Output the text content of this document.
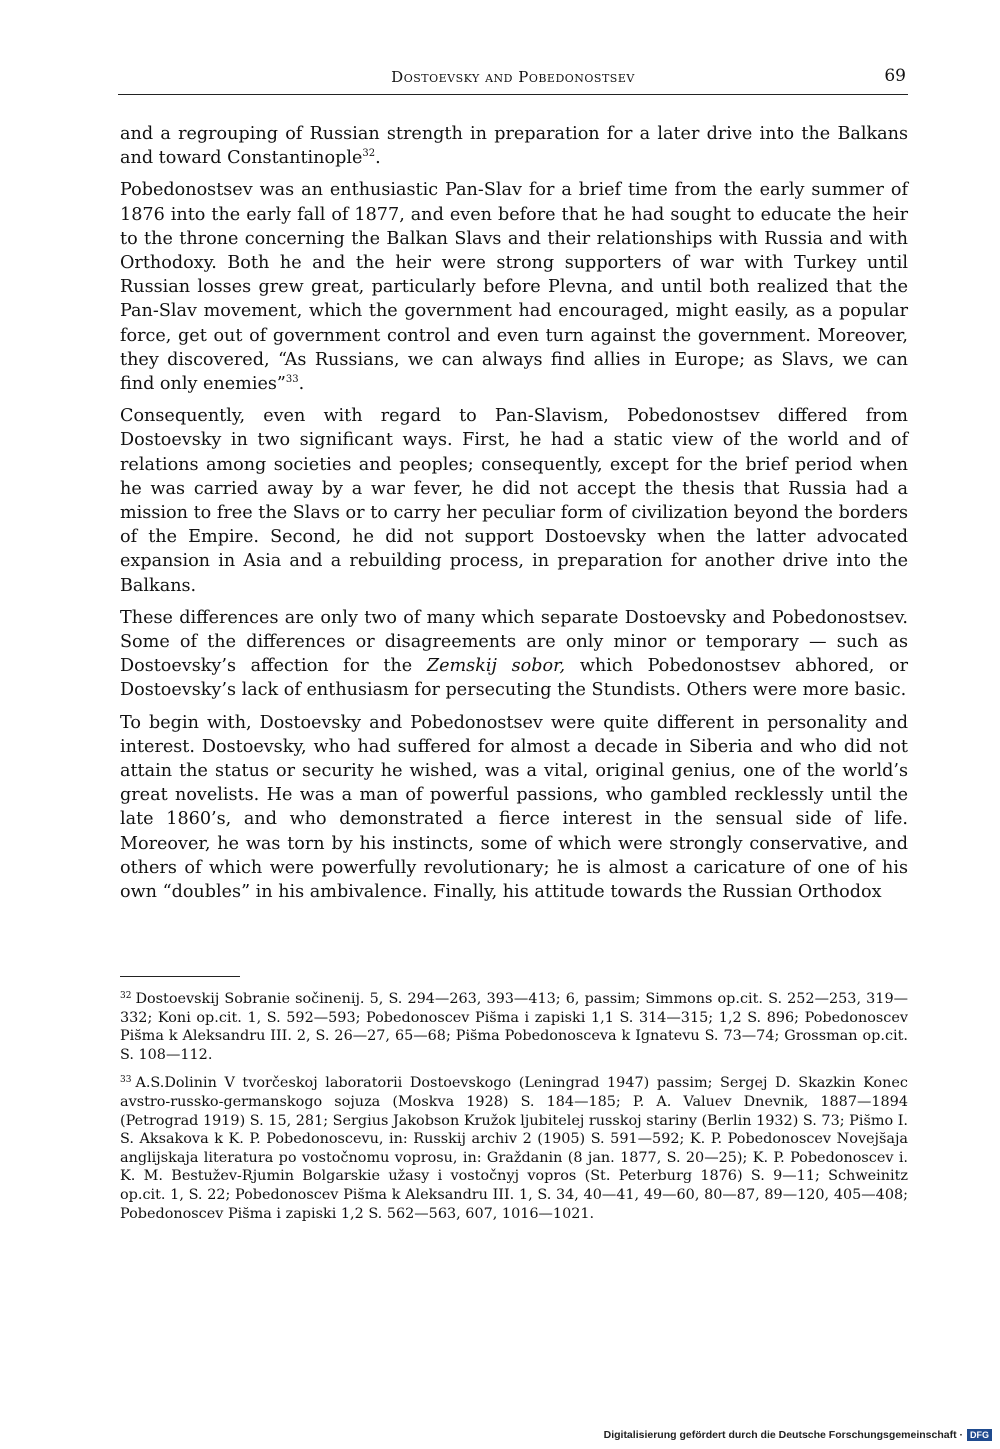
Dostoevsky and Pobedonostsev	69

and a regrouping of Russian strength in preparation for a later drive into the Balkans and toward Constantinople$^{32}$.

Pobedonostsev was an enthusiastic Pan-Slav for a brief time from the early summer of 1876 into the early fall of 1877, and even before that he had sought to educate the heir to the throne concerning the Balkan Slavs and their relationships with Russia and with Orthodoxy. Both he and the heir were strong supporters of war with Turkey until Russian losses grew great, particularly before Plevna, and until both realized that the Pan-Slav movement, which the government had encouraged, might easily, as a popular force, get out of government control and even turn against the government. Moreover, they discovered, “As Russians, we can always find allies in Europe; as Slavs, we can find only enemies”$^{33}$.

Consequently, even with regard to Pan-Slavism, Pobedonostsev differed from Dostoevsky in two significant ways. First, he had a static view of the world and of relations among societies and peoples; consequently, except for the brief period when he was carried away by a war fever, he did not accept the thesis that Russia had a mission to free the Slavs or to carry her peculiar form of civilization beyond the borders of the Empire. Second, he did not support Dostoevsky when the latter advocated expansion in Asia and a rebuilding process, in preparation for another drive into the Balkans.

These differences are only two of many which separate Dostoevsky and Pobedonostsev. Some of the differences or disagreements are only minor or temporary — such as Dostoevsky’s affection for the Zemskij sobor, which Pobedonostsev abhored, or Dostoevsky’s lack of enthusiasm for persecuting the Stundists. Others were more basic.

To begin with, Dostoevsky and Pobedonostsev were quite different in personality and interest. Dostoevsky, who had suffered for almost a decade in Siberia and who did not attain the status or security he wished, was a vital, original genius, one of the world’s great novelists. He was a man of powerful passions, who gambled recklessly until the late 1860’s, and who demonstrated a fierce interest in the sensual side of life. Moreover, he was torn by his instincts, some of which were strongly conservative, and others of which were powerfully revolutionary; he is almost a caricature of one of his own “doubles” in his ambivalence. Finally, his attitude towards the Russian Orthodox

$^{32}$ Dostoevskij Sobranie sočinenij. 5, S. 294—263, 393—413; 6, passim; Simmons op.cit. S. 252—253, 319—332; Koni op.cit. 1, S. 592—593; Pobedonoscev Pis̆ma i zapiski 1,1 S. 314—315; 1,2 S. 896; Pobedonoscev Pis̆ma k Aleksandru III. 2, S. 26—27, 65—68; Pis̆ma Pobedonosceva k Ignatevu S. 73—74; Grossman op.cit. S. 108—112.

$^{33}$ A.S.Dolinin V tvorčeskoj laboratorii Dostoevskogo (Leningrad 1947) passim; Sergej D. Skazkin Konec avstro-russko-germanskogo sojuza (Moskva 1928) S. 184—185; P. A. Valuev Dnevnik, 1887—1894 (Petrograd 1919) S. 15, 281; Sergius Jakobson Kružok ljubitelej russkoj stariny (Berlin 1932) S. 73; Pis̆mo I. S. Aksakova k K. P. Pobedonoscevu, in: Russkij archiv 2 (1905) S. 591—592; K. P. Pobedonoscev Novejs̆aja anglijskaja literatura po vostočnomu voprosu, in: Graždanin (8 jan. 1877, S. 20—25); K. P. Pobedonoscev i. K. M. Bestužev-Rjumin Bolgarskie užasy i vostočnyj vopros (St. Peterburg 1876) S. 9—11; Schweinitz op.cit. 1, S. 22; Pobedonoscev Pis̆ma k Aleksandru III. 1, S. 34, 40—41, 49—60, 80—87, 89—120, 405—408; Pobedonoscev Pis̆ma i zapiski 1,2 S. 562—563, 607, 1016—1021.

Digitalisierung gefördert durch die Deutsche Forschungsgemeinschaft · DFG
